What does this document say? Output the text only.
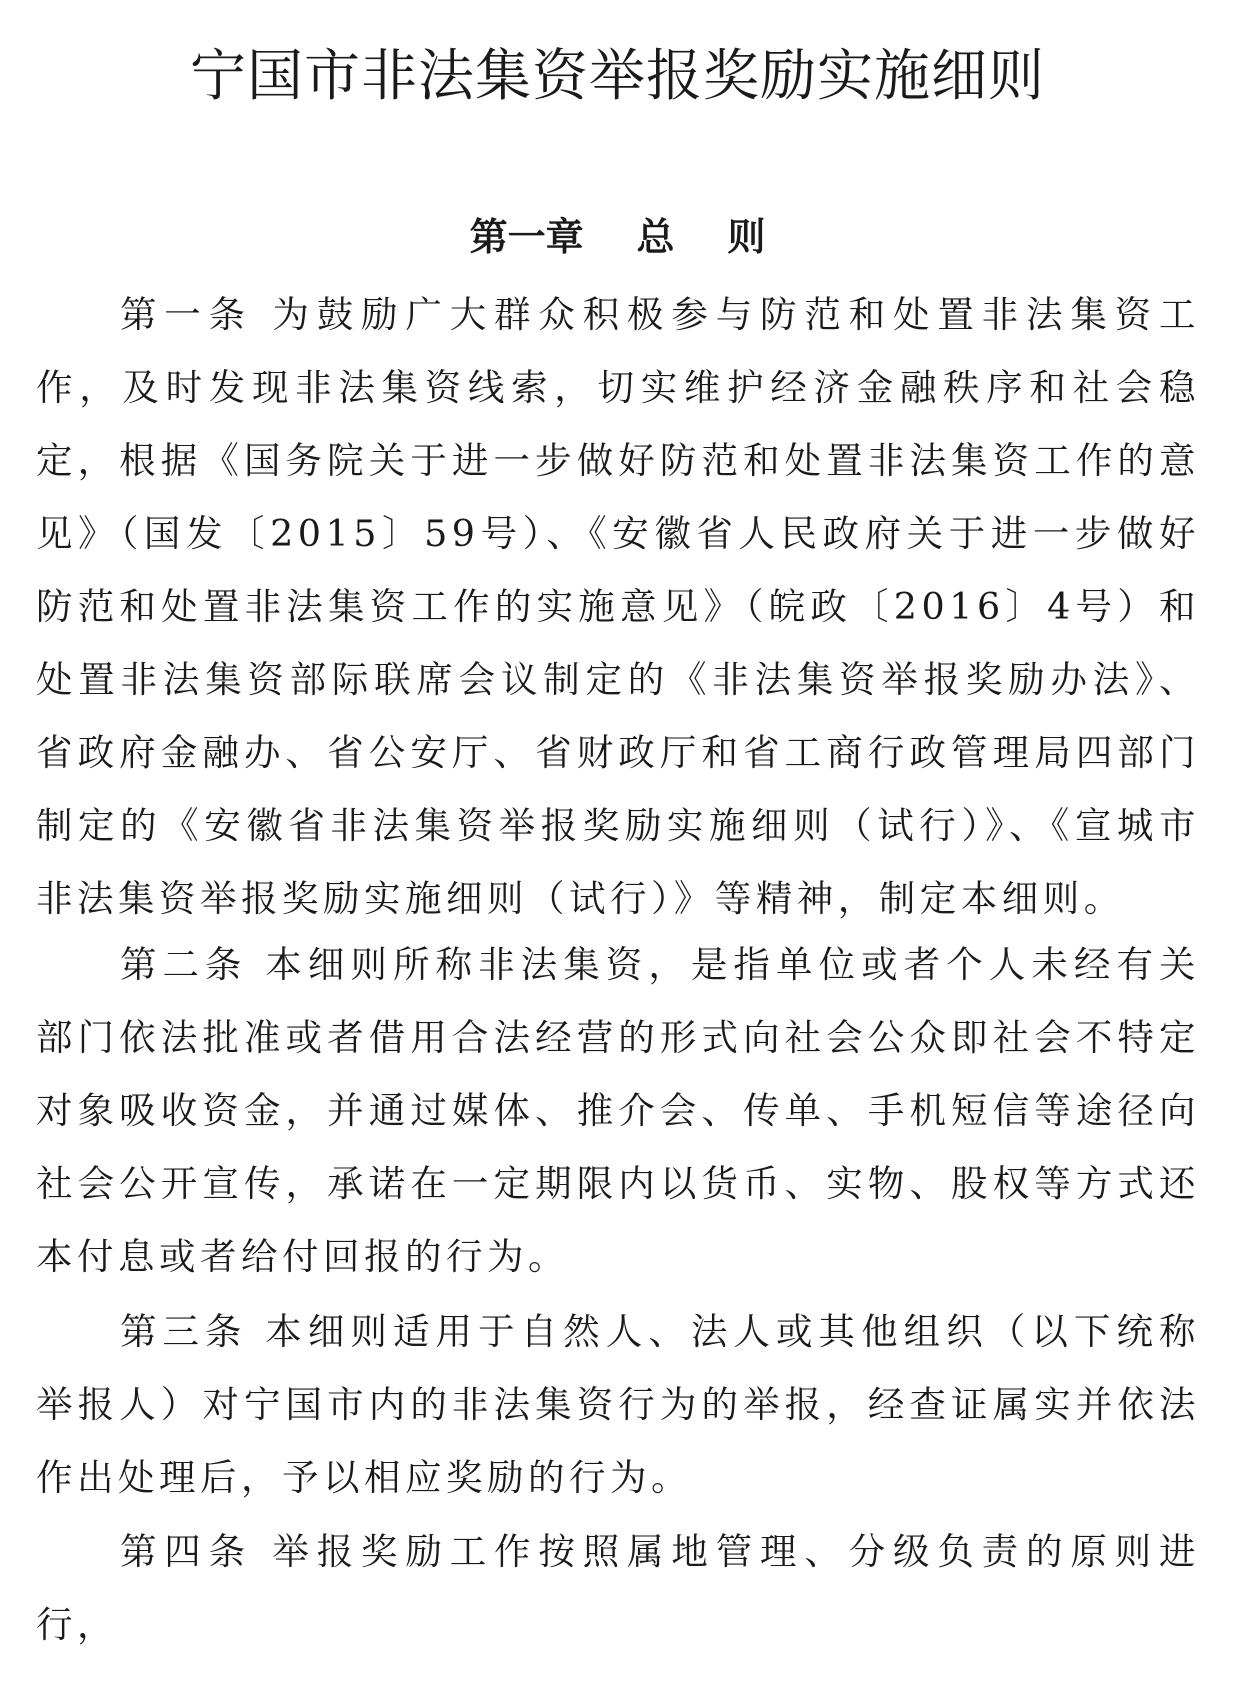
宁国市非法集资举报奖励实施细则
第一章    总    则

第一条 为鼓励广大群众积极参与防范和处置非法集资工作，及时发现非法集资线索，切实维护经济金融秩序和社会稳定，根据《国务院关于进一步做好防范和处置非法集资工作的意见》（国发〔2015〕59号）、《安徽省人民政府关于进一步做好防范和处置非法集资工作的实施意见》（皖政〔2016〕4号）和处置非法集资部际联席会议制定的《非法集资举报奖励办法》、省政府金融办、省公安厅、省财政厅和省工商行政管理局四部门制定的《安徽省非法集资举报奖励实施细则（试行）》、《宣城市非法集资举报奖励实施细则（试行）》等精神，制定本细则。

第二条 本细则所称非法集资，是指单位或者个人未经有关部门依法批准或者借用合法经营的形式向社会公众即社会不特定对象吸收资金，并通过媒体、推介会、传单、手机短信等途径向社会公开宣传，承诺在一定期限内以货币、实物、股权等方式还本付息或者给付回报的行为。

第三条 本细则适用于自然人、法人或其他组织（以下统称举报人）对宁国市内的非法集资行为的举报，经查证属实并依法作出处理后，予以相应奖励的行为。

第四条 举报奖励工作按照属地管理、分级负责的原则进行，
